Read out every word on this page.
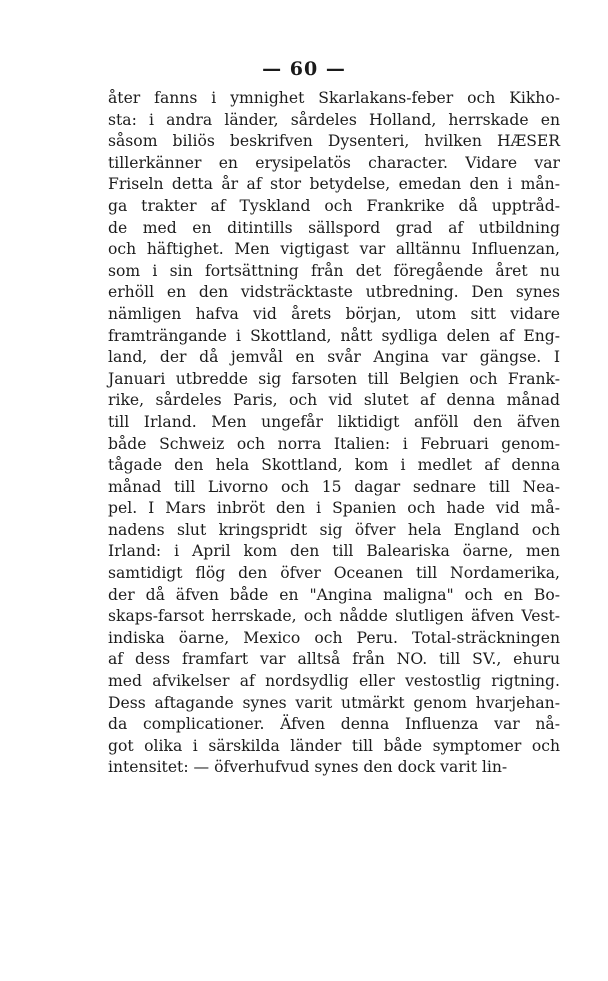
— 60 —
åter fanns i ymnighet Skarlakans-feber och Kikho-
sta: i andra länder, sårdeles Holland, herrskade en
såsom biliös beskrifven Dysenteri, hvilken HÆSER
tillerkänner en erysipelatös character. Vidare var
Friseln detta år af stor betydelse, emedan den i mån-
ga trakter af Tyskland och Frankrike då upptråd-
de med en ditintills sällspord grad af utbildning
och häftighet. Men vigtigast var alltännu Influenzan,
som i sin fortsättning från det föregående året nu
erhöll en den vidsträcktaste utbredning. Den synes
nämligen hafva vid årets början, utom sitt vidare
framträngande i Skottland, nått sydliga delen af Eng-
land, der då jemvål en svår Angina var gängse. I
Januari utbredde sig farsoten till Belgien och Frank-
rike, sårdeles Paris, och vid slutet af denna månad
till Irland. Men ungefår liktidigt anföll den äfven
både Schweiz och norra Italien: i Februari genom-
tågade den hela Skottland, kom i medlet af denna
månad till Livorno och 15 dagar sednare till Nea-
pel. I Mars inbröt den i Spanien och hade vid må-
nadens slut kringspridt sig öfver hela England och
Irland: i April kom den till Baleariska öarne, men
samtidigt flög den öfver Oceanen till Nordamerika,
der då äfven både en "Angina maligna" och en Bo-
skaps-farsot herrskade, och nådde slutligen äfven Vest-
indiska öarne, Mexico och Peru. Total-sträckningen
af dess framfart var alltså från NO. till SV., ehuru
med afvikelser af nordsydlig eller vestostlig rigtning.
Dess aftagande synes varit utmärkt genom hvarjehan-
da complicationer. Äfven denna Influenza var nå-
got olika i särskilda länder till både symptomer och
intensitet: — öfverhufvud synes den dock varit lin-
